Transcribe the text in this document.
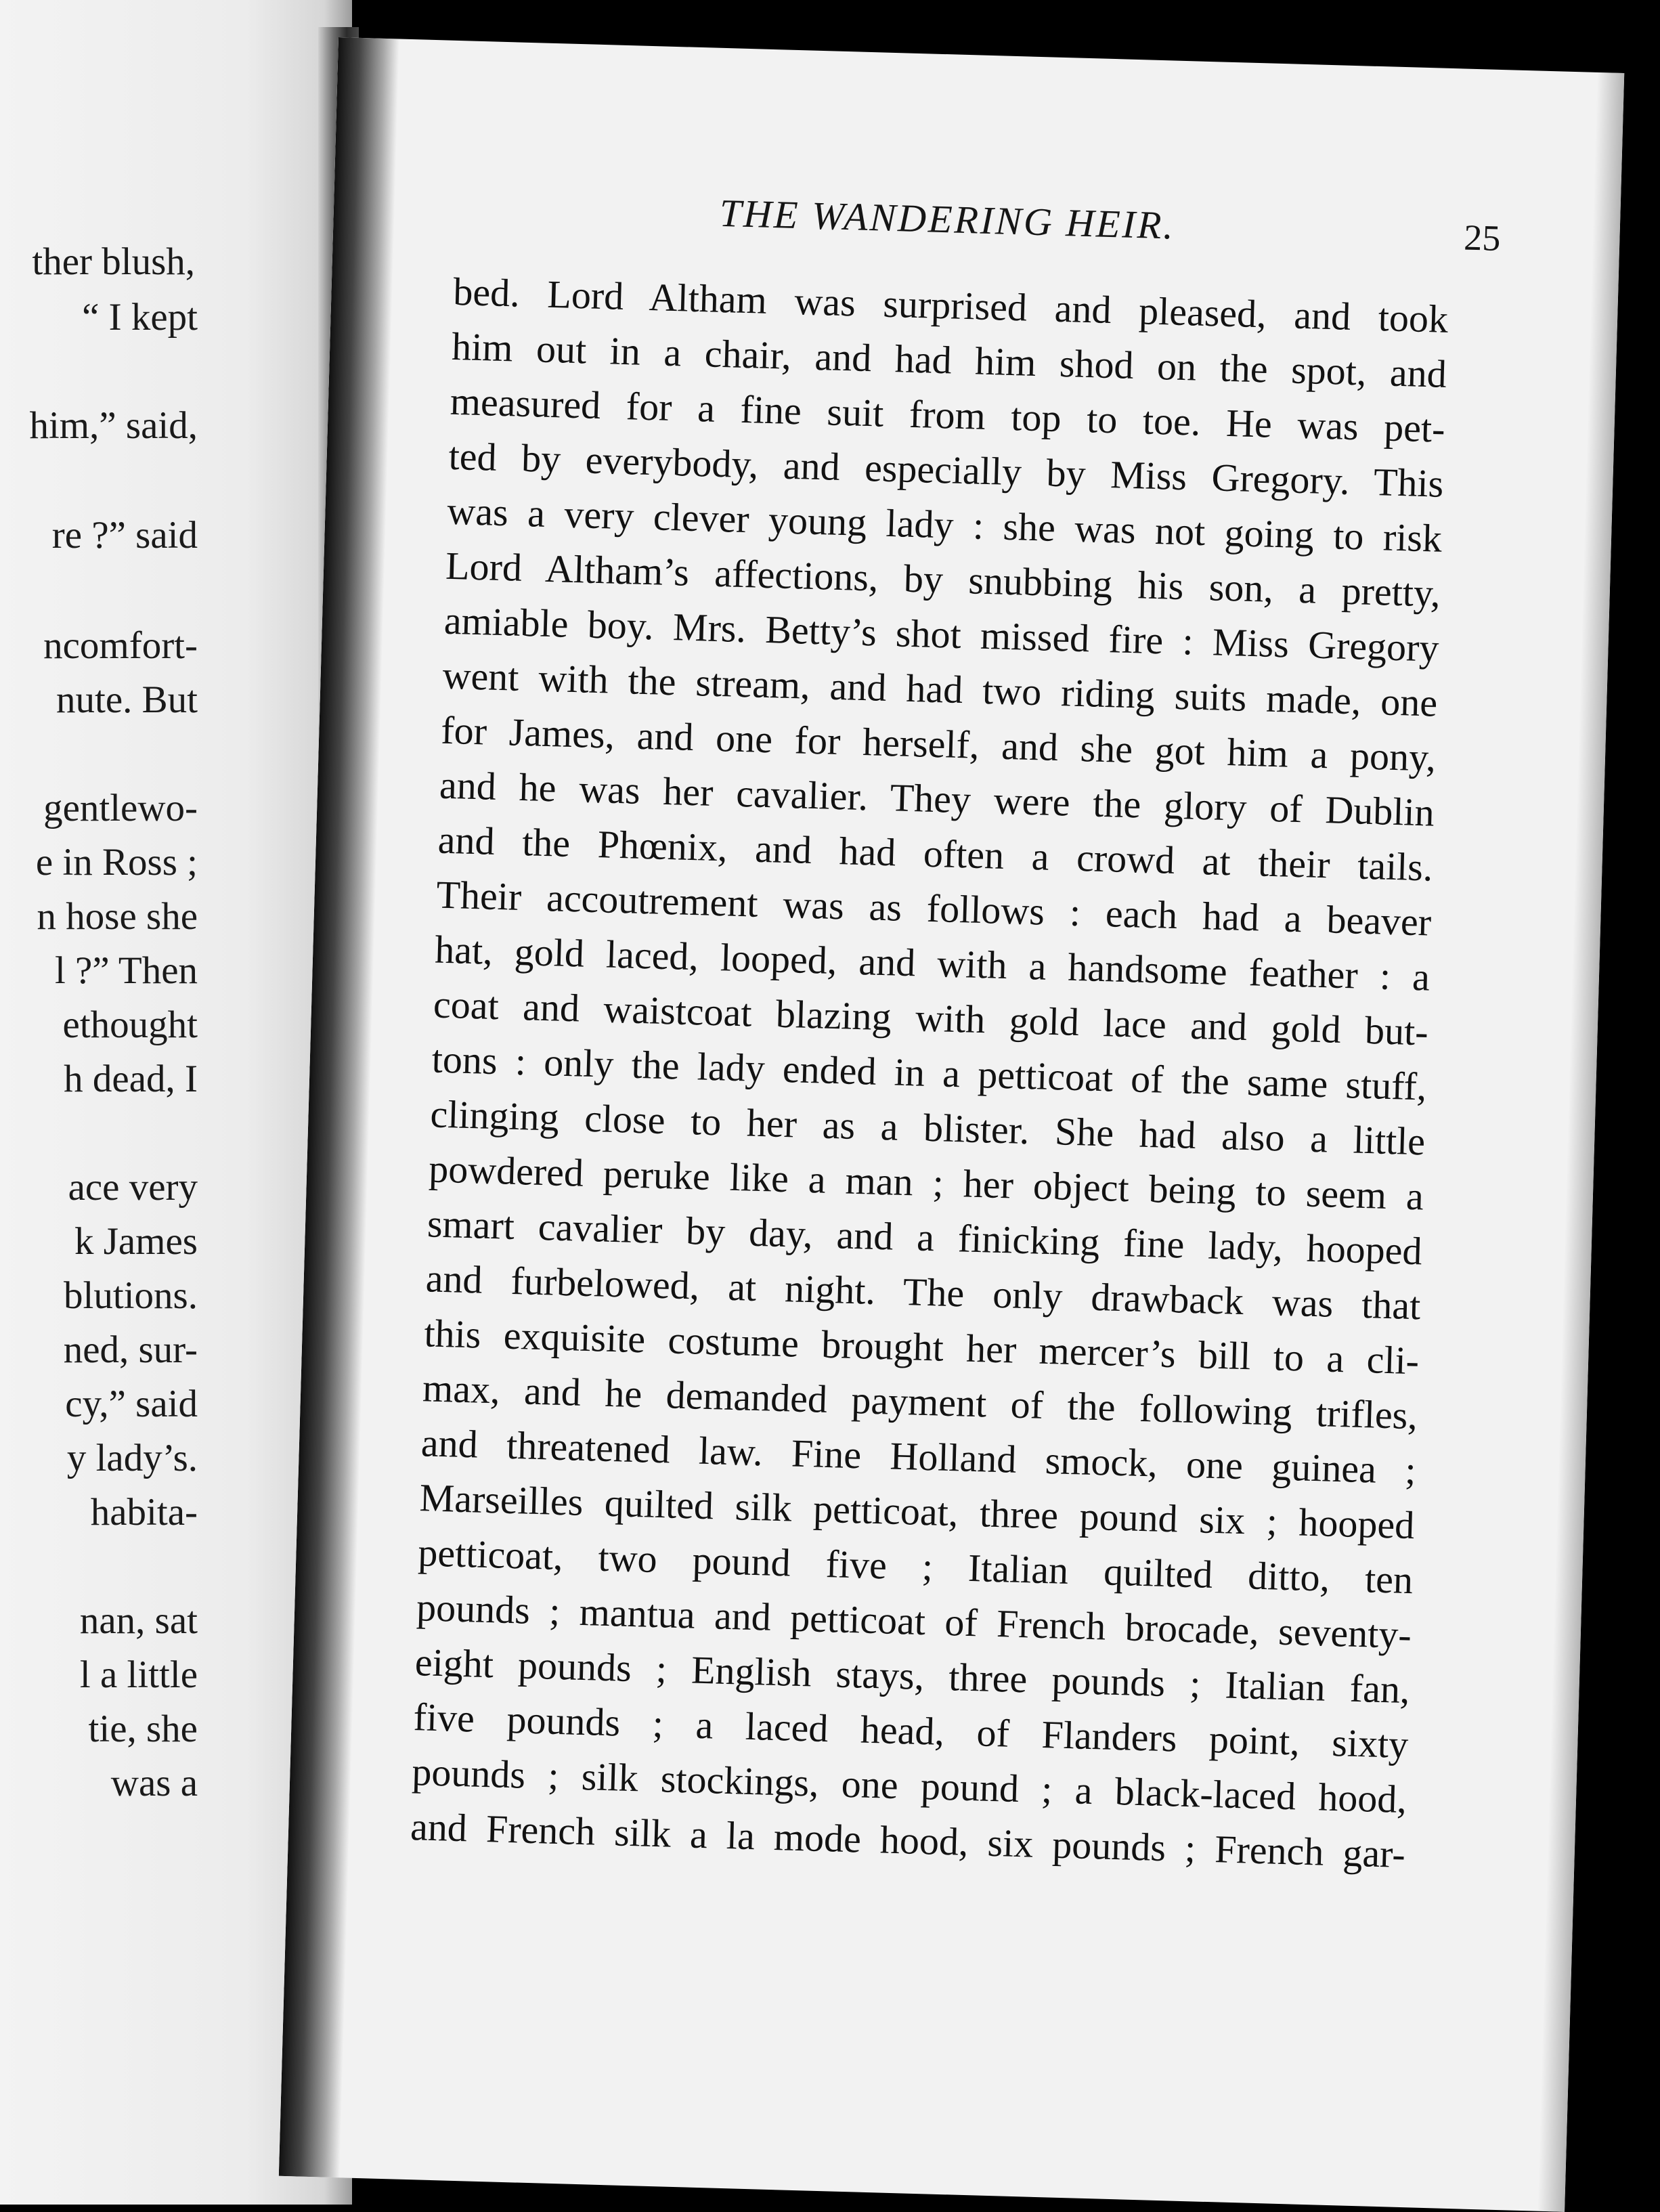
ther blush,
“ I kept
him,” said,
re ?” said
ncomfort-
nute. But
gentlewo-
e in Ross ;
n hose she
l ?” Then
ethought
h dead, I
ace very
k James
blutions.
ned, sur-
cy,” said
y lady’s.
habita-
nan, sat
l a little
tie, she
was a
THE WANDERING HEIR.	25
bed. Lord Altham was surprised and pleased, and took
him out in a chair, and had him shod on the spot, and
measured for a fine suit from top to toe. He was pet-
ted by everybody, and especially by Miss Gregory. This
was a very clever young lady : she was not going to risk
Lord Altham’s affections, by snubbing his son, a pretty,
amiable boy. Mrs. Betty’s shot missed fire : Miss Gregory
went with the stream, and had two riding suits made, one
for James, and one for herself, and she got him a pony,
and he was her cavalier. They were the glory of Dublin
and the Phœnix, and had often a crowd at their tails.
Their accoutrement was as follows : each had a beaver
hat, gold laced, looped, and with a handsome feather : a
coat and waistcoat blazing with gold lace and gold but-
tons : only the lady ended in a petticoat of the same stuff,
clinging close to her as a blister. She had also a little
powdered peruke like a man ; her object being to seem a
smart cavalier by day, and a finicking fine lady, hooped
and furbelowed, at night. The only drawback was that
this exquisite costume brought her mercer’s bill to a cli-
max, and he demanded payment of the following trifles,
and threatened law. Fine Holland smock, one guinea ;
Marseilles quilted silk petticoat, three pound six ; hooped
petticoat, two pound five ; Italian quilted ditto, ten
pounds ; mantua and petticoat of French brocade, seventy-
eight pounds ; English stays, three pounds ; Italian fan,
five pounds ; a laced head, of Flanders point, sixty
pounds ; silk stockings, one pound ; a black-laced hood,
and French silk a la mode hood, six pounds ; French gar-
